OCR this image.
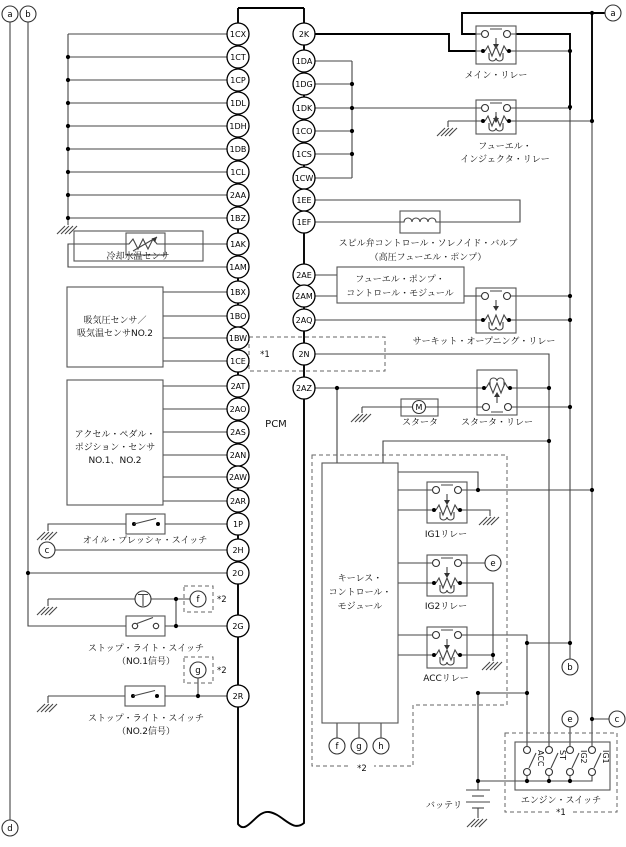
M
ACC ST IG2 IG1
1CX
1CT
1CP
1DL
1DH
1DB
1CL
2AA
1BZ
1AK
1AM
1BX
1BO
1BW
1CE
2AT
2AO
2AS
2AN
2AW
2AR
1P
2H
2O
2G
2R
2K
1DA
1DG
1DK
1CO
1CS
1CW
1EE
1EF
2AE
2AM
2AQ
2N
2AZ
a	a
b
b
c
c
d
e
e
f
f
g
g h
冷却水温センサ
吸気圧センサ／
吸気温センサNO.2
アクセル・ペダル・
ポジション・センサ
NO.1、NO.2
オイル・プレッシャ・スイッチ
ストップ・ライト・スイッチ
（NO.1信号）
ストップ・ライト・スイッチ
（NO.2信号）
メイン・リレー
フューエル・
インジェクタ・リレー
スピル弁コントロール・ソレノイド・バルブ
（高圧フューエル・ポンプ）
フューエル・ポンプ・
コントロール・モジュール
サーキット・オープニング・リレー
スタータ	スタータ・リレー
キーレス・
コントロール・
モジュール
IG1リレー
IG2リレー
ACCリレー
エンジン・スイッチ
バッテリ
PCM
*1
*1
*2
*2
*2
